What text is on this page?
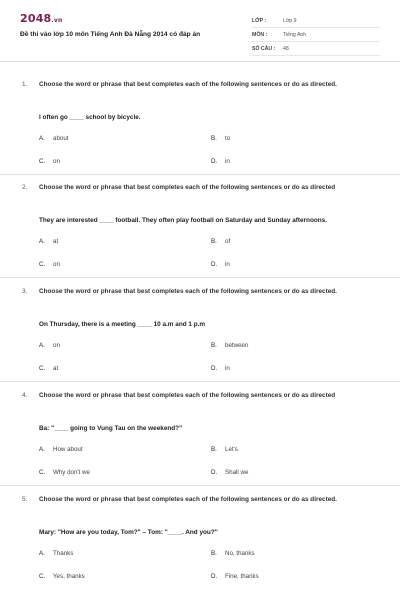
2048.vn
Đề thi vào lớp 10 môn Tiếng Anh Đà Nẵng 2014 có đáp án
LỚP :	Lớp 9
MÔN :	Tiếng Anh
SỐ CÂU :	48
1. Choose the word or phrase that best completes each of the following sentences or do as directed.
I often go ____ school by bicycle.
A. about	B. to
C. on	D. in
2. Choose the word or phrase that best completes each of the following sentences or do as directed
They are interested ____ football. They often play football on Saturday and Sunday afternoons.
A. at	B. of
C. on	D. in
3. Choose the word or phrase that best completes each of the following sentences or do as directed.
On Thursday, there is a meeting ____ 10 a.m and 1 p.m
A. on	B. between
C. at	D. in
4. Choose the word or phrase that best completes each of the following sentences or do as directed
Ba: "____ going to Vung Tau on the weekend?"
A. How about	B. Let's
C. Why don't we	D. Shall we
5. Choose the word or phrase that best completes each of the following sentences or do as directed.
Mary: "How are you today, Tom?" – Tom: "____. And you?"
A. Thanks	B. No, thanks
C. Yes, thanks	D. Fine, thanks
